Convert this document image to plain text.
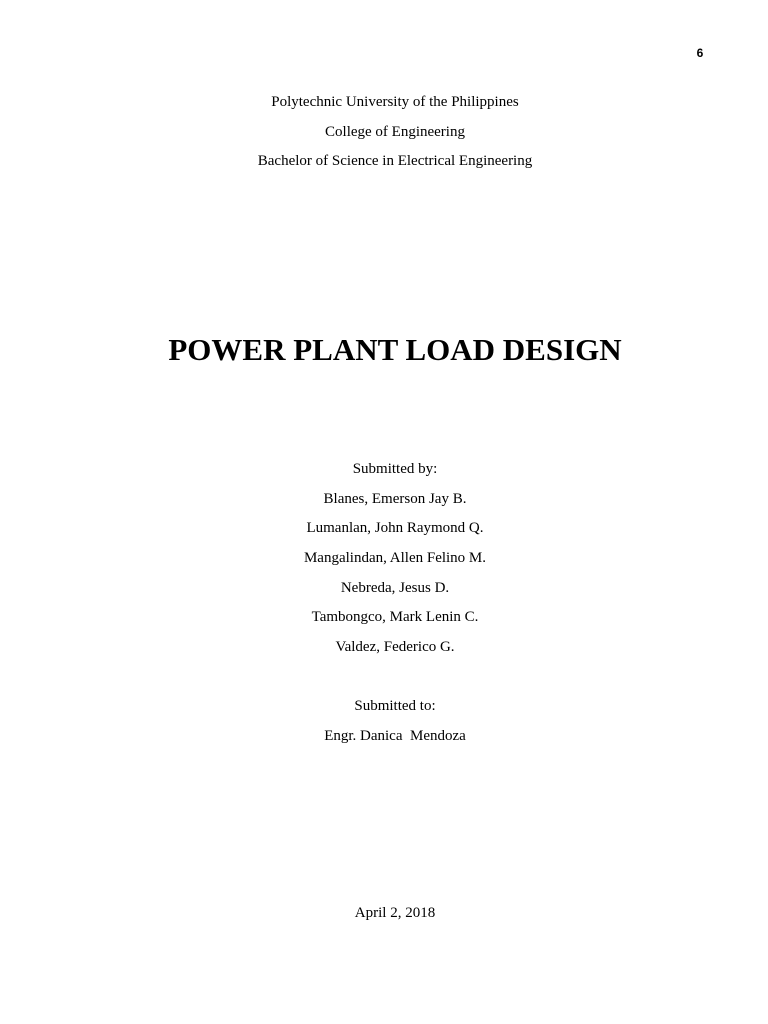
6
Polytechnic University of the Philippines
College of Engineering
Bachelor of Science in Electrical Engineering
POWER PLANT LOAD DESIGN
Submitted by:
Blanes, Emerson Jay B.
Lumanlan, John Raymond Q.
Mangalindan, Allen Felino M.
Nebreda, Jesus D.
Tambongco, Mark Lenin C.
Valdez, Federico G.
Submitted to:
Engr. Danica  Mendoza
April 2, 2018
